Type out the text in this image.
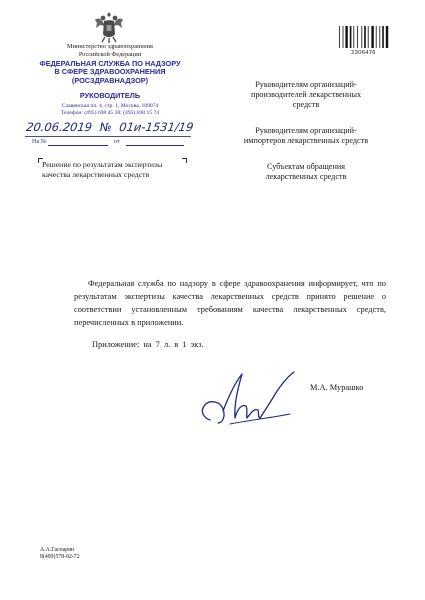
Министерство здравоохранения
Российской Федерации
ФЕДЕРАЛЬНАЯ СЛУЖБА ПО НАДЗОРУ
В СФЕРЕ ЗДРАВООХРАНЕНИЯ
(РОСЗДРАВНАДЗОР)
РУКОВОДИТЕЛЬ
Славянская пл. 4, стр. 1, Москва, 109074
Телефон: (495) 698 45 38; (495) 698 15 74
20.06.2019 № 01и-1531/19
На №	от
Решение по результатам экспертизы
качества лекарственных средств
2306476
Руководителям организаций-
производителей лекарственных
средств
Руководителям организаций-
импортеров лекарственных средств
Субъектам обращения
лекарственных средств

Федеральная служба по надзору в сфере здравоохранения информирует, что по результатам экспертизы качества лекарственных средств принято решение о соответствии установленным требованиям качества лекарственных средств, перечисленных в приложении.

Приложение: на 7 л. в 1 экз.
М.А. Мурашко
А.А.Гаспарян
8(499)578-02-72
